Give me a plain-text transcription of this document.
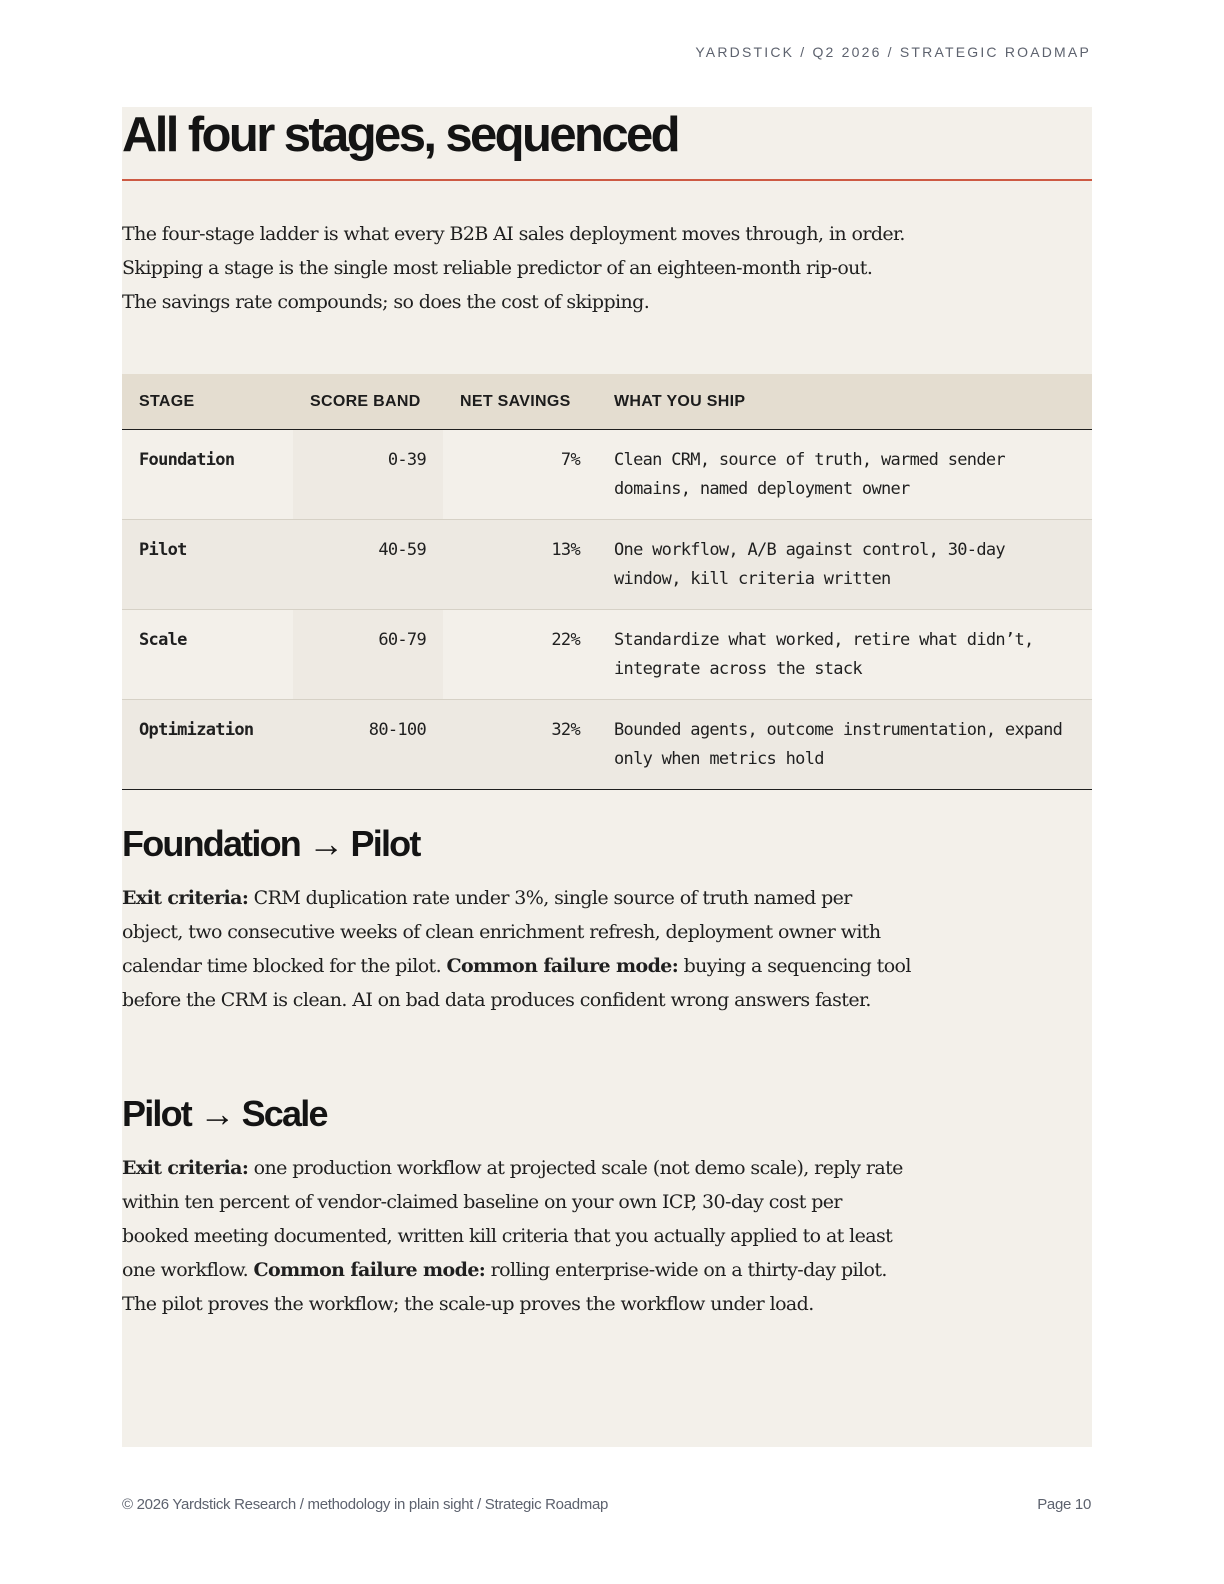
YARDSTICK / Q2 2026 / STRATEGIC ROADMAP
All four stages, sequenced

The four-stage ladder is what every B2B AI sales deployment moves through, in order. Skipping a stage is the single most reliable predictor of an eighteen-month rip-out. The savings rate compounds; so does the cost of skipping.

STAGE	SCORE BAND	NET SAVINGS	WHAT YOU SHIP
Foundation	0-39	7%	Clean CRM, source of truth, warmed sender domains, named deployment owner
Pilot	40-59	13%	One workflow, A/B against control, 30-day window, kill criteria written
Scale	60-79	22%	Standardize what worked, retire what didn’t, integrate across the stack
Optimization	80-100	32%	Bounded agents, outcome instrumentation, expand only when metrics hold
Foundation → Pilot

Exit criteria: CRM duplication rate under 3%, single source of truth named per object, two consecutive weeks of clean enrichment refresh, deployment owner with calendar time blocked for the pilot. Common failure mode: buying a sequencing tool before the CRM is clean. AI on bad data produces confident wrong answers faster.

Pilot → Scale

Exit criteria: one production workflow at projected scale (not demo scale), reply rate within ten percent of vendor-claimed baseline on your own ICP, 30-day cost per booked meeting documented, written kill criteria that you actually applied to at least one workflow. Common failure mode: rolling enterprise-wide on a thirty-day pilot. The pilot proves the workflow; the scale-up proves the workflow under load.

© 2026 Yardstick Research / methodology in plain sight / Strategic Roadmap	Page 10
